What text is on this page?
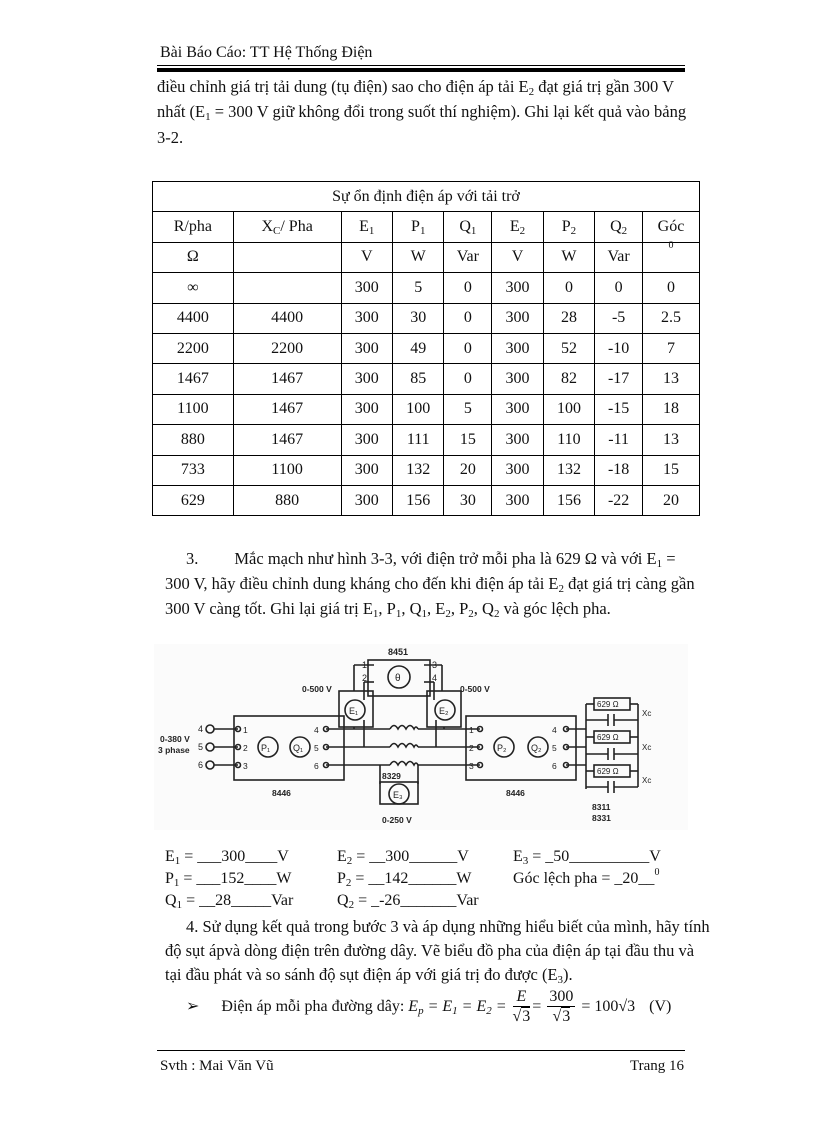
Bài Báo Cáo: TT Hệ Thống Điện
điều chỉnh giá trị tải dung (tụ điện) sao cho điện áp tải $E_2$ đạt giá trị gần 300 V
nhất ($E_1 = 300$ V giữ không đổi trong suốt thí nghiệm). Ghi lại kết quả vào bảng
3-2.
Sự ổn định điện áp với tải trở								
R/pha	$X_C/$ Pha	$E_1$	$P_1$	$Q_1$	$E_2$	$P_2$	$Q_2$	Góc
Ω		V	W	Var	V	W	Var	$^0$
∞		300	5	0	300	0	0	0
4400	4400	300	30	0	300	28	-5	2.5
2200	2200	300	49	0	300	52	-10	7
1467	1467	300	85	0	300	82	-17	13
1100	1467	300	100	5	300	100	-15	18
880	1467	300	111	15	300	110	-11	13
733	1100	300	132	20	300	132	-18	15
629	880	300	156	30	300	156	-22	20
3. Mắc mạch như hình 3-3, với điện trở mỗi pha là 629 Ω và với $E_1$ =
300 V, hãy điều chỉnh dung kháng cho đến khi điện áp tải $E_2$ đạt giá trị càng gần
300 V càng tốt. Ghi lại giá trị $E_1$, $P_1$, $Q_1$, $E_2$, $P_2$, $Q_2$ và góc lệch pha.
8451
θ
1
2
3
4
0-500 V	0-500 V
E₁	E₂
0-380 V
3 phase
4
5
6
1
2
3
P₁	Q₁
4
5
6
8446
8329
E₃
0-250 V
1
2
3
P₂	Q₂
4
5
6
8446
629 Ω
629 Ω
629 Ω
Xc
Xc
Xc
8311
8331
$E_1$ = ___300____V	$E_2$ = __300______V	$E_3$ = _50__________V
$P_1$ = ___152____W	$P_2$ = __142______W	Góc lệch pha = _20__$^0$
$Q_1$ = __28_____Var	$Q_2$ = _-26_______Var
4. Sử dụng kết quả trong bước 3 và áp dụng những hiểu biết của mình, hãy tính
độ sụt ápvà dòng điện trên đường dây. Vẽ biểu đồ pha của điện áp tại đầu thu và
tại đầu phát và so sánh độ sụt điện áp với giá trị đo được $(E_3)$.
➢ Điện áp mỗi pha đường dây: $E_p = E_1 = E_2 = \frac{E}{√3} = \frac{300}{√3} = 100√3$ (V)
Svth : Mai Văn Vũ	Trang 16
